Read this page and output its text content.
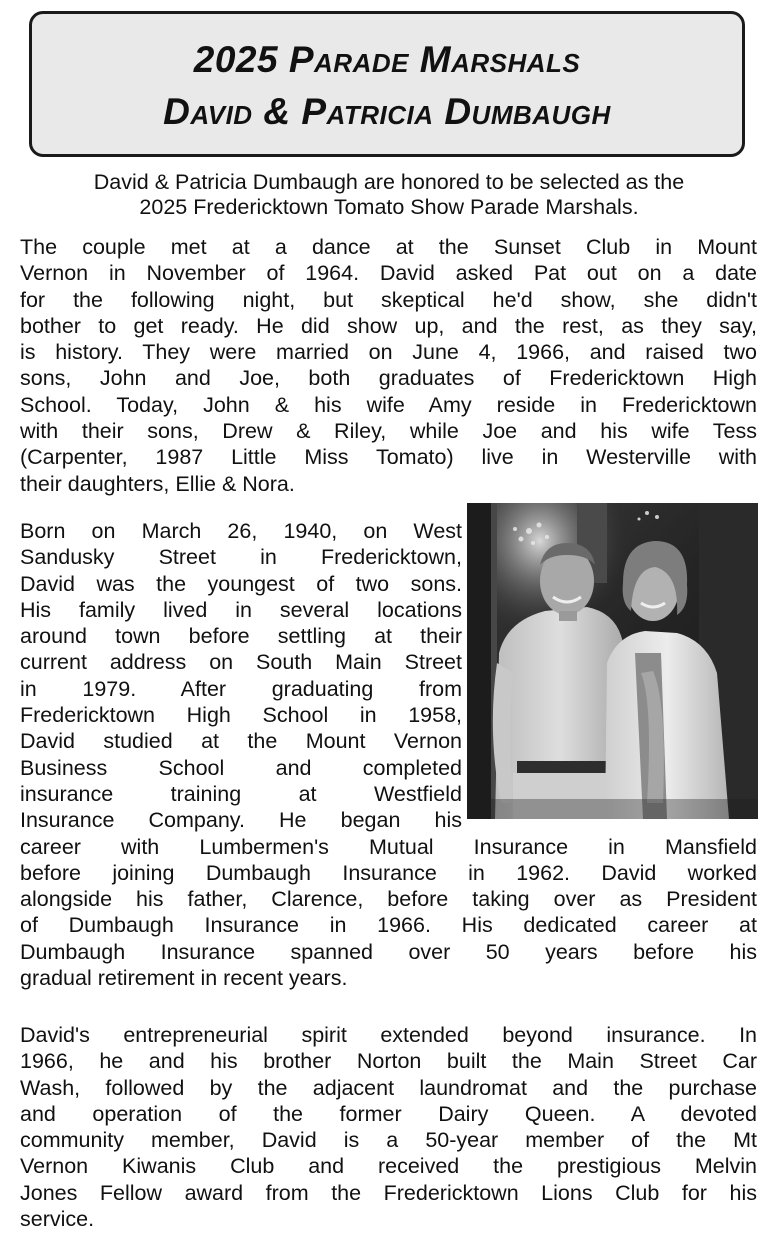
2025 Parade Marshals
David & Patricia Dumbaugh
David & Patricia Dumbaugh are honored to be selected as the
2025 Fredericktown Tomato Show Parade Marshals.
The couple met at a dance at the Sunset Club in Mount
Vernon in November of 1964. David asked Pat out on a date
for the following night, but skeptical he'd show, she didn't
bother to get ready. He did show up, and the rest, as they say,
is history. They were married on June 4, 1966, and raised two
sons, John and Joe, both graduates of Fredericktown High
School. Today, John & his wife Amy reside in Fredericktown
with their sons, Drew & Riley, while Joe and his wife Tess
(Carpenter, 1987 Little Miss Tomato) live in Westerville with
their daughters, Ellie & Nora.
Born on March 26, 1940, on West
Sandusky Street in Fredericktown,
David was the youngest of two sons.
His family lived in several locations
around town before settling at their
current address on South Main Street
in 1979. After graduating from
Fredericktown High School in 1958,
David studied at the Mount Vernon
Business School and completed
insurance training at Westfield
Insurance Company. He began his
career with Lumbermen's Mutual Insurance in Mansfield
before joining Dumbaugh Insurance in 1962. David worked
alongside his father, Clarence, before taking over as President
of Dumbaugh Insurance in 1966. His dedicated career at
Dumbaugh Insurance spanned over 50 years before his
gradual retirement in recent years.
David's entrepreneurial spirit extended beyond insurance. In
1966, he and his brother Norton built the Main Street Car
Wash, followed by the adjacent laundromat and the purchase
and operation of the former Dairy Queen. A devoted
community member, David is a 50-year member of the Mt
Vernon Kiwanis Club and received the prestigious Melvin
Jones Fellow award from the Fredericktown Lions Club for his
service.
